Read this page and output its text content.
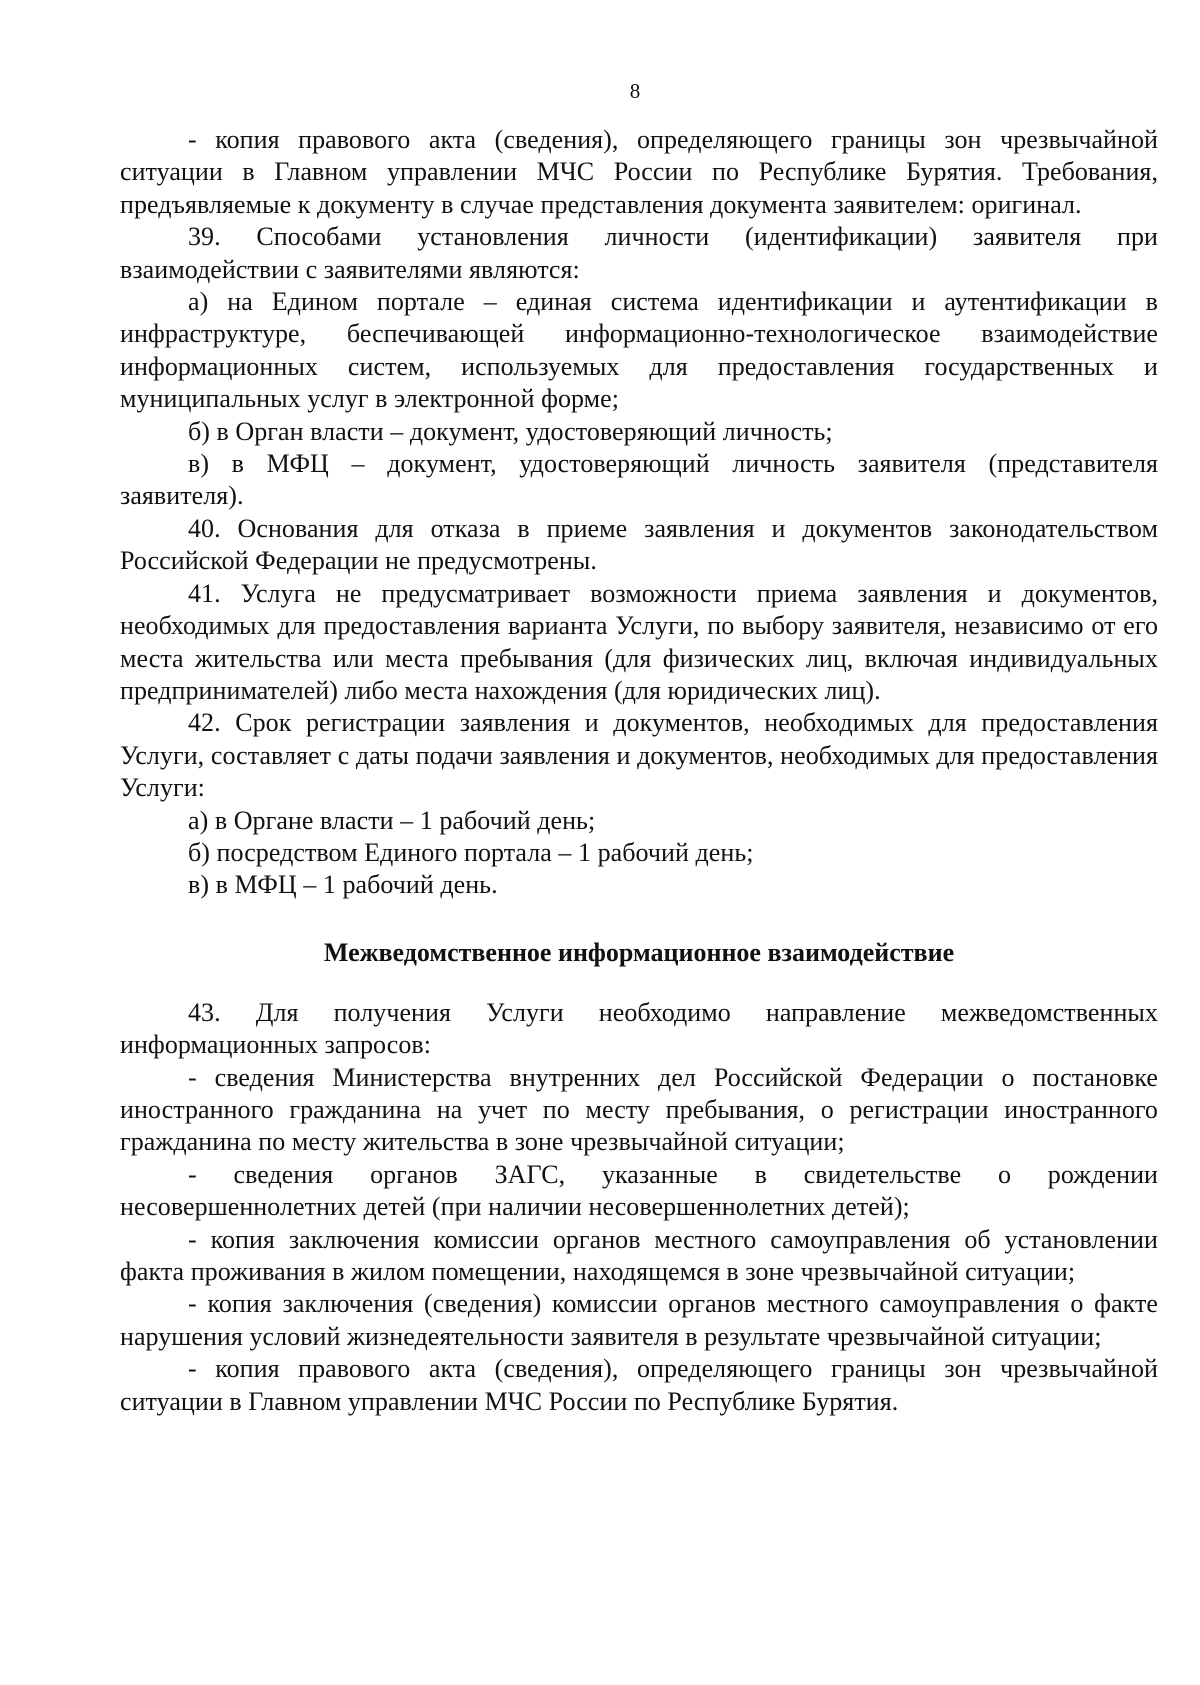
8

- копия правового акта (сведения), определяющего границы зон чрезвычайной ситуации в Главном управлении МЧС России по Республике Бурятия. Требования, предъявляемые к документу в случае представления документа заявителем: оригинал.

39. Способами установления личности (идентификации) заявителя при взаимодействии с заявителями являются:

а) на Едином портале – единая система идентификации и аутентификации в инфраструктуре, беспечивающей информационно-технологическое взаимодействие информационных систем, используемых для предоставления государственных и муниципальных услуг в электронной форме;

б) в Орган власти – документ, удостоверяющий личность;

в) в МФЦ – документ, удостоверяющий личность заявителя (представителя заявителя).

40. Основания для отказа в приеме заявления и документов законодательством Российской Федерации не предусмотрены.

41. Услуга не предусматривает возможности приема заявления и документов, необходимых для предоставления варианта Услуги, по выбору заявителя, независимо от его места жительства или места пребывания (для физических лиц, включая индивидуальных предпринимателей) либо места нахождения (для юридических лиц).

42. Срок регистрации заявления и документов, необходимых для предоставления Услуги, составляет с даты подачи заявления и документов, необходимых для предоставления Услуги:

а) в Органе власти – 1 рабочий день;

б) посредством Единого портала – 1 рабочий день;

в) в МФЦ – 1 рабочий день.

Межведомственное информационное взаимодействие

43. Для получения Услуги необходимо направление межведомственных информационных запросов:

- сведения Министерства внутренних дел Российской Федерации о постановке иностранного гражданина на учет по месту пребывания, о регистрации иностранного гражданина по месту жительства в зоне чрезвычайной ситуации;

- сведения органов ЗАГС, указанные в свидетельстве о рождении несовершеннолетних детей (при наличии несовершеннолетних детей);

- копия заключения комиссии органов местного самоуправления об установлении факта проживания в жилом помещении, находящемся в зоне чрезвычайной ситуации;

- копия заключения (сведения) комиссии органов местного самоуправления о факте нарушения условий жизнедеятельности заявителя в результате чрезвычайной ситуации;

- копия правового акта (сведения), определяющего границы зон чрезвычайной ситуации в Главном управлении МЧС России по Республике Бурятия.
